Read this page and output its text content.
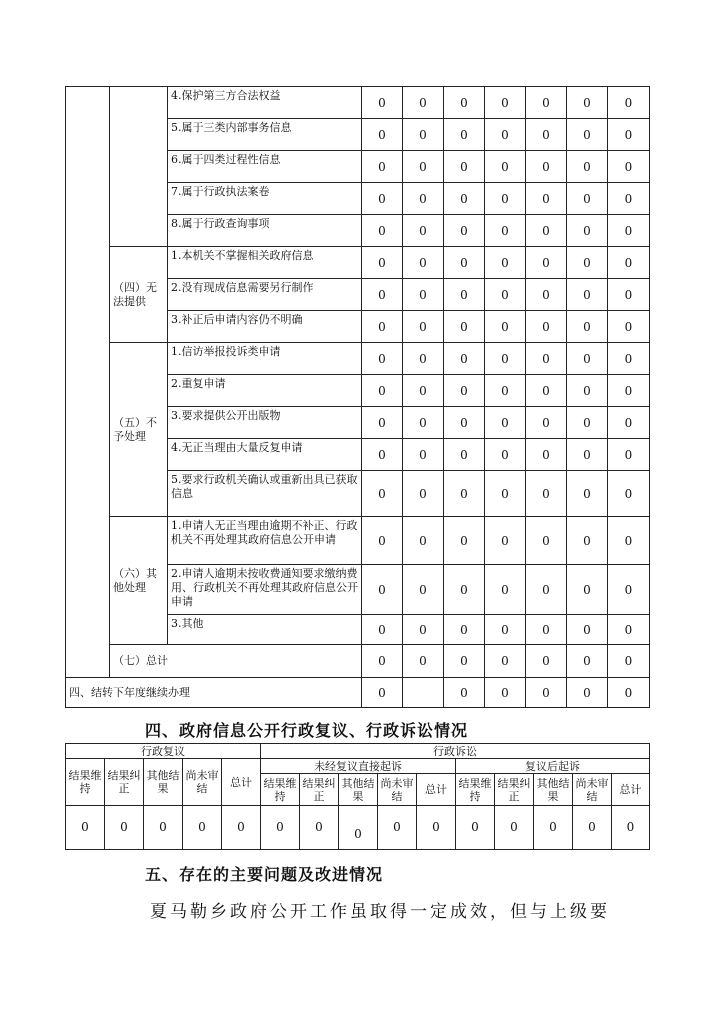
		4.保护第三方合法权益	0	0	0	0	0	0	0
		5.属于三类内部事务信息	0	0	0	0	0	0	0
		6.属于四类过程性信息	0	0	0	0	0	0	0
		7.属于行政执法案卷	0	0	0	0	0	0	0
		8.属于行政查询事项	0	0	0	0	0	0	0
	（四）无法提供	1.本机关不掌握相关政府信息	0	0	0	0	0	0	0
		2.没有现成信息需要另行制作	0	0	0	0	0	0	0
		3.补正后申请内容仍不明确	0	0	0	0	0	0	0
	（五）不予处理	1.信访举报投诉类申请	0	0	0	0	0	0	0
		2.重复申请	0	0	0	0	0	0	0
		3.要求提供公开出版物	0	0	0	0	0	0	0
		4.无正当理由大量反复申请	0	0	0	0	0	0	0
		5.要求行政机关确认或重新出具已获取信息	0	0	0	0	0	0	0
	（六）其他处理	1.申请人无正当理由逾期不补正、行政机关不再处理其政府信息公开申请	0	0	0	0	0	0	0
		2.申请人逾期未按收费通知要求缴纳费用、行政机关不再处理其政府信息公开申请	0	0	0	0	0	0	0
		3.其他	0	0	0	0	0	0	0
	（七）总计		0	0	0	0	0	0	0
四、结转下年度继续办理			0		0	0	0	0	0
四、政府信息公开行政复议、行政诉讼情况
行政复议					行政诉讼									
结果维持	结果纠正	其他结果	尚未审结	总计	未经复议直接起诉					复议后起诉				
					结果维持	结果纠正	其他结果	尚未审结	总计	结果维持	结果纠正	其他结果	尚未审结	总计
0	0	0	0	0	0	0	0	0	0	0	0	0	0	0
五、存在的主要问题及改进情况

夏马勒乡政府公开工作虽取得一定成效，但与上级要
